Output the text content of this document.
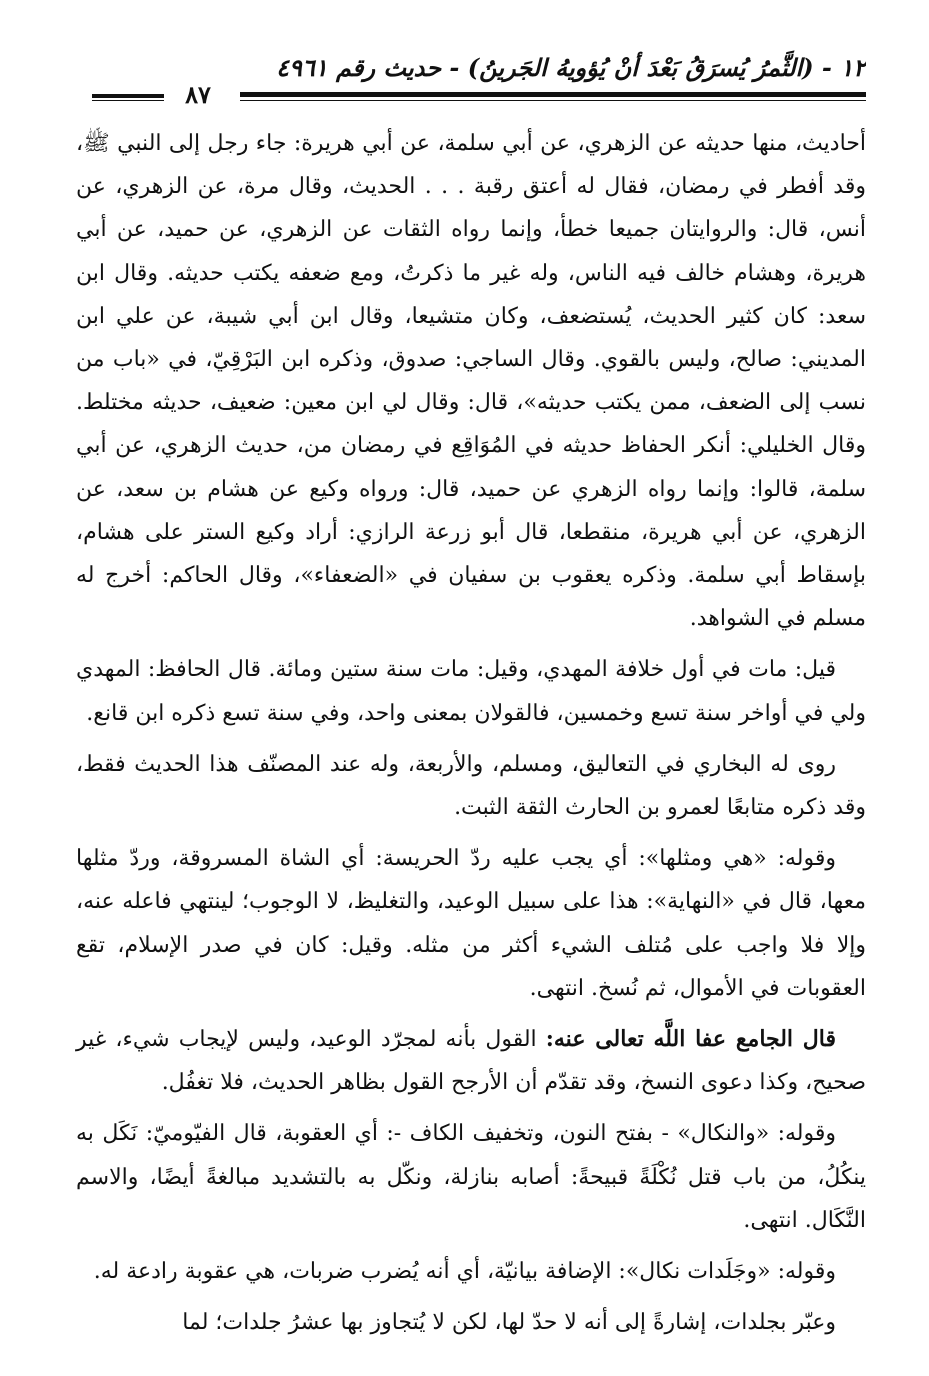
١٢ - (الثَّمرُ يُسرَقُ بَعْدَ أنْ يُؤويهُ الجَرينُ) - حديث رقم ٤٩٦١
٨٧

أحاديث، منها حديثه عن الزهري، عن أبي سلمة، عن أبي هريرة: جاء رجل إلى النبي ﷺ، وقد أفطر في رمضان، فقال له أعتق رقبة . . . الحديث، وقال مرة، عن الزهري، عن أنس، قال: والروايتان جميعا خطأ، وإنما رواه الثقات عن الزهري، عن حميد، عن أبي هريرة، وهشام خالف فيه الناس، وله غير ما ذكرتُ، ومع ضعفه يكتب حديثه. وقال ابن سعد: كان كثير الحديث، يُستضعف، وكان متشيعا، وقال ابن أبي شيبة، عن علي ابن المديني: صالح، وليس بالقوي. وقال الساجي: صدوق، وذكره ابن البَرْقِيّ، في «باب من نسب إلى الضعف، ممن يكتب حديثه»، قال: وقال لي ابن معين: ضعيف، حديثه مختلط. وقال الخليلي: أنكر الحفاظ حديثه في المُوَاقِع في رمضان من، حديث الزهري، عن أبي سلمة، قالوا: وإنما رواه الزهري عن حميد، قال: ورواه وكيع عن هشام بن سعد، عن الزهري، عن أبي هريرة، منقطعا، قال أبو زرعة الرازي: أراد وكيع الستر على هشام، بإسقاط أبي سلمة. وذكره يعقوب بن سفيان في «الضعفاء»، وقال الحاكم: أخرج له مسلم في الشواهد.

قيل: مات في أول خلافة المهدي، وقيل: مات سنة ستين ومائة. قال الحافظ: المهدي ولي في أواخر سنة تسع وخمسين، فالقولان بمعنى واحد، وفي سنة تسع ذكره ابن قانع.

روى له البخاري في التعاليق، ومسلم، والأربعة، وله عند المصنّف هذا الحديث فقط، وقد ذكره متابعًا لعمرو بن الحارث الثقة الثبت.

وقوله: «هي ومثلها»: أي يجب عليه ردّ الحريسة: أي الشاة المسروقة، وردّ مثلها معها، قال في «النهاية»: هذا على سبيل الوعيد، والتغليظ، لا الوجوب؛ لينتهي فاعله عنه، وإلا فلا واجب على مُتلف الشيء أكثر من مثله. وقيل: كان في صدر الإسلام، تقع العقوبات في الأموال، ثم نُسخ. انتهى.

قال الجامع عفا اللَّه تعالى عنه: القول بأنه لمجرّد الوعيد، وليس لإيجاب شيء، غير صحيح، وكذا دعوى النسخ، وقد تقدّم أن الأرجح القول بظاهر الحديث، فلا تغفُل.

وقوله: «والنكال» - بفتح النون، وتخفيف الكاف -: أي العقوبة، قال الفيّوميّ: نَكَل به ينكُلُ، من باب قتل نُكْلَةً قبيحةً: أصابه بنازلة، ونكّل به بالتشديد مبالغةً أيضًا، والاسم النَّكَال. انتهى.

وقوله: «وجَلَدات نكال»: الإضافة بيانيّة، أي أنه يُضرب ضربات، هي عقوبة رادعة له.

وعبّر بجلدات، إشارةً إلى أنه لا حدّ لها، لكن لا يُتجاوز بها عشرُ جلدات؛ لما
